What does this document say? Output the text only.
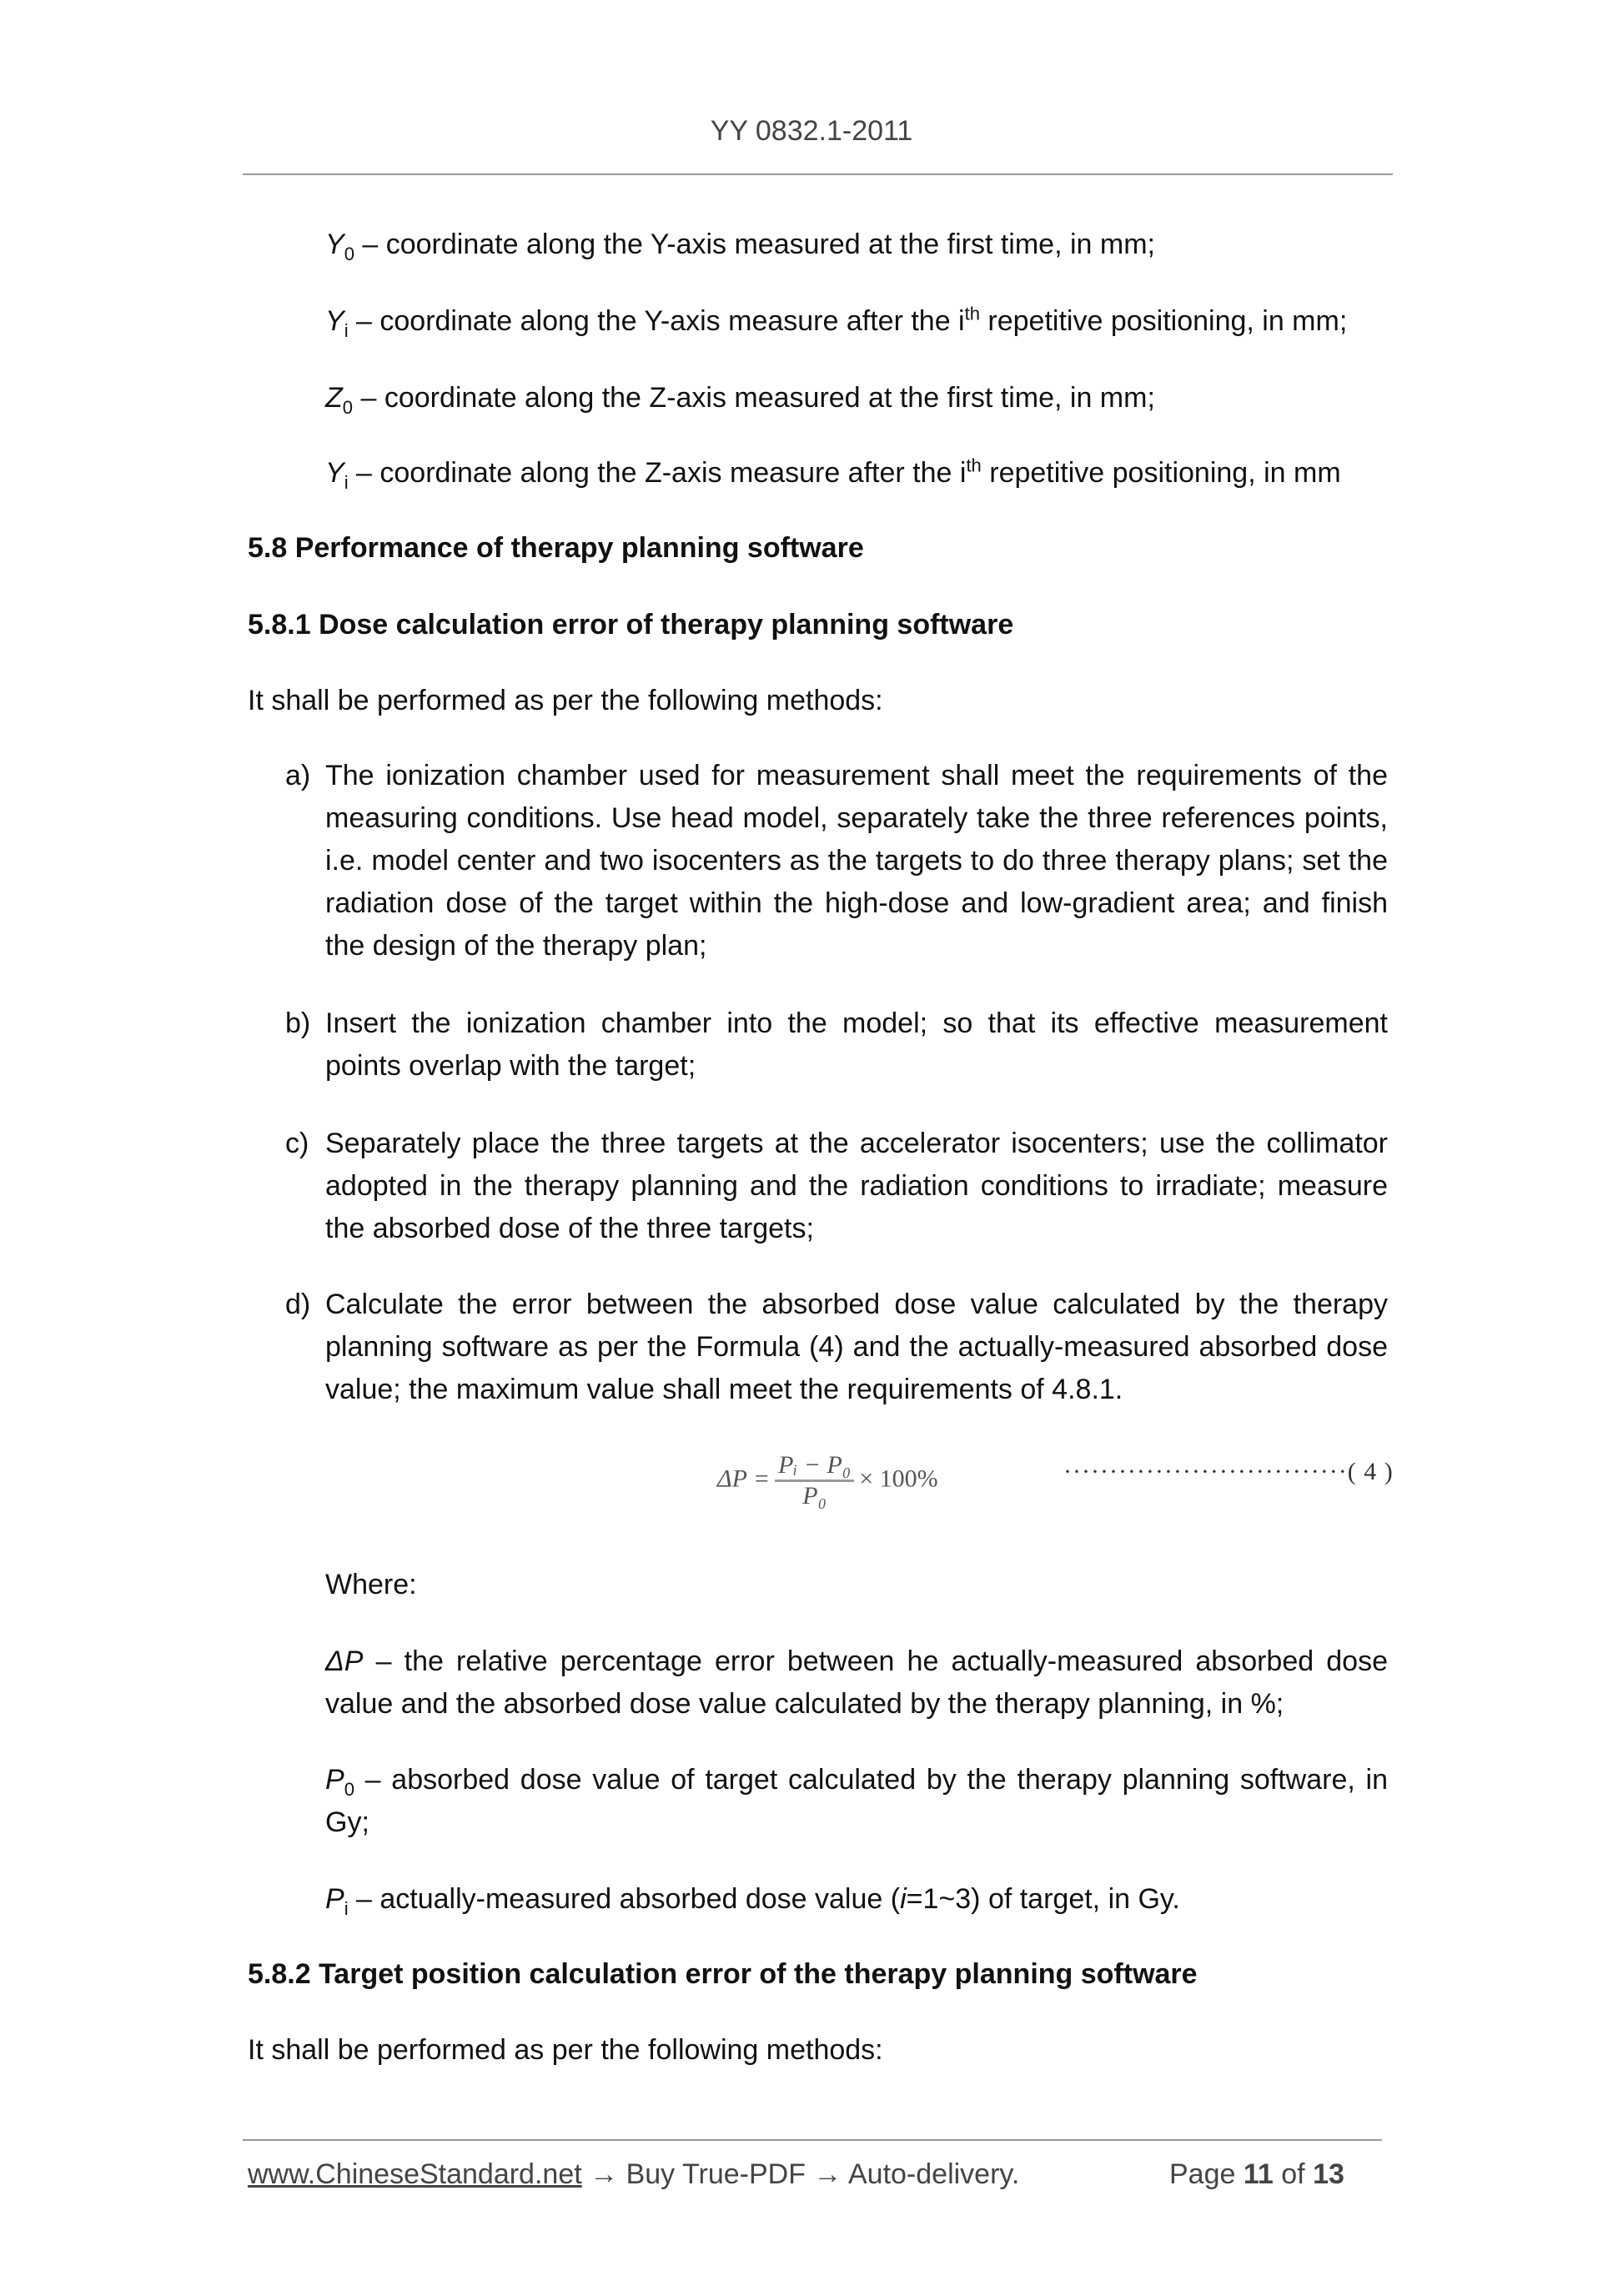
YY 0832.1-2011
$Y_0$ – coordinate along the Y-axis measured at the first time, in mm;
$Y_i$ – coordinate along the Y-axis measure after the $i^{th}$ repetitive positioning, in mm;
$Z_0$ – coordinate along the Z-axis measured at the first time, in mm;
$Y_i$ – coordinate along the Z-axis measure after the $i^{th}$ repetitive positioning, in mm
5.8 Performance of therapy planning software
5.8.1 Dose calculation error of therapy planning software
It shall be performed as per the following methods:
a) The ionization chamber used for measurement shall meet the requirements of the measuring conditions. Use head model, separately take the three references points, i.e. model center and two isocenters as the targets to do three therapy plans; set the radiation dose of the target within the high-dose and low-gradient area; and finish the design of the therapy plan;
b) Insert the ionization chamber into the model; so that its effective measurement points overlap with the target;
c) Separately place the three targets at the accelerator isocenters; use the collimator adopted in the therapy planning and the radiation conditions to irradiate; measure the absorbed dose of the three targets;
d) Calculate the error between the absorbed dose value calculated by the therapy planning software as per the Formula (4) and the actually-measured absorbed dose value; the maximum value shall meet the requirements of 4.8.1.
$\Delta P = \frac{\text{Pᵢ − P₀}}{\text{P₀}} \times 100\%$	·······························( 4 )
Where:
ΔP – the relative percentage error between he actually-measured absorbed dose value and the absorbed dose value calculated by the therapy planning, in %;
$P_0$ – absorbed dose value of target calculated by the therapy planning software, in Gy;
$P_i$ – actually-measured absorbed dose value (i=1~3) of target, in Gy.
5.8.2 Target position calculation error of the therapy planning software
It shall be performed as per the following methods:
www.ChineseStandard.net → Buy True-PDF → Auto-delivery.	Page 11 of 13
